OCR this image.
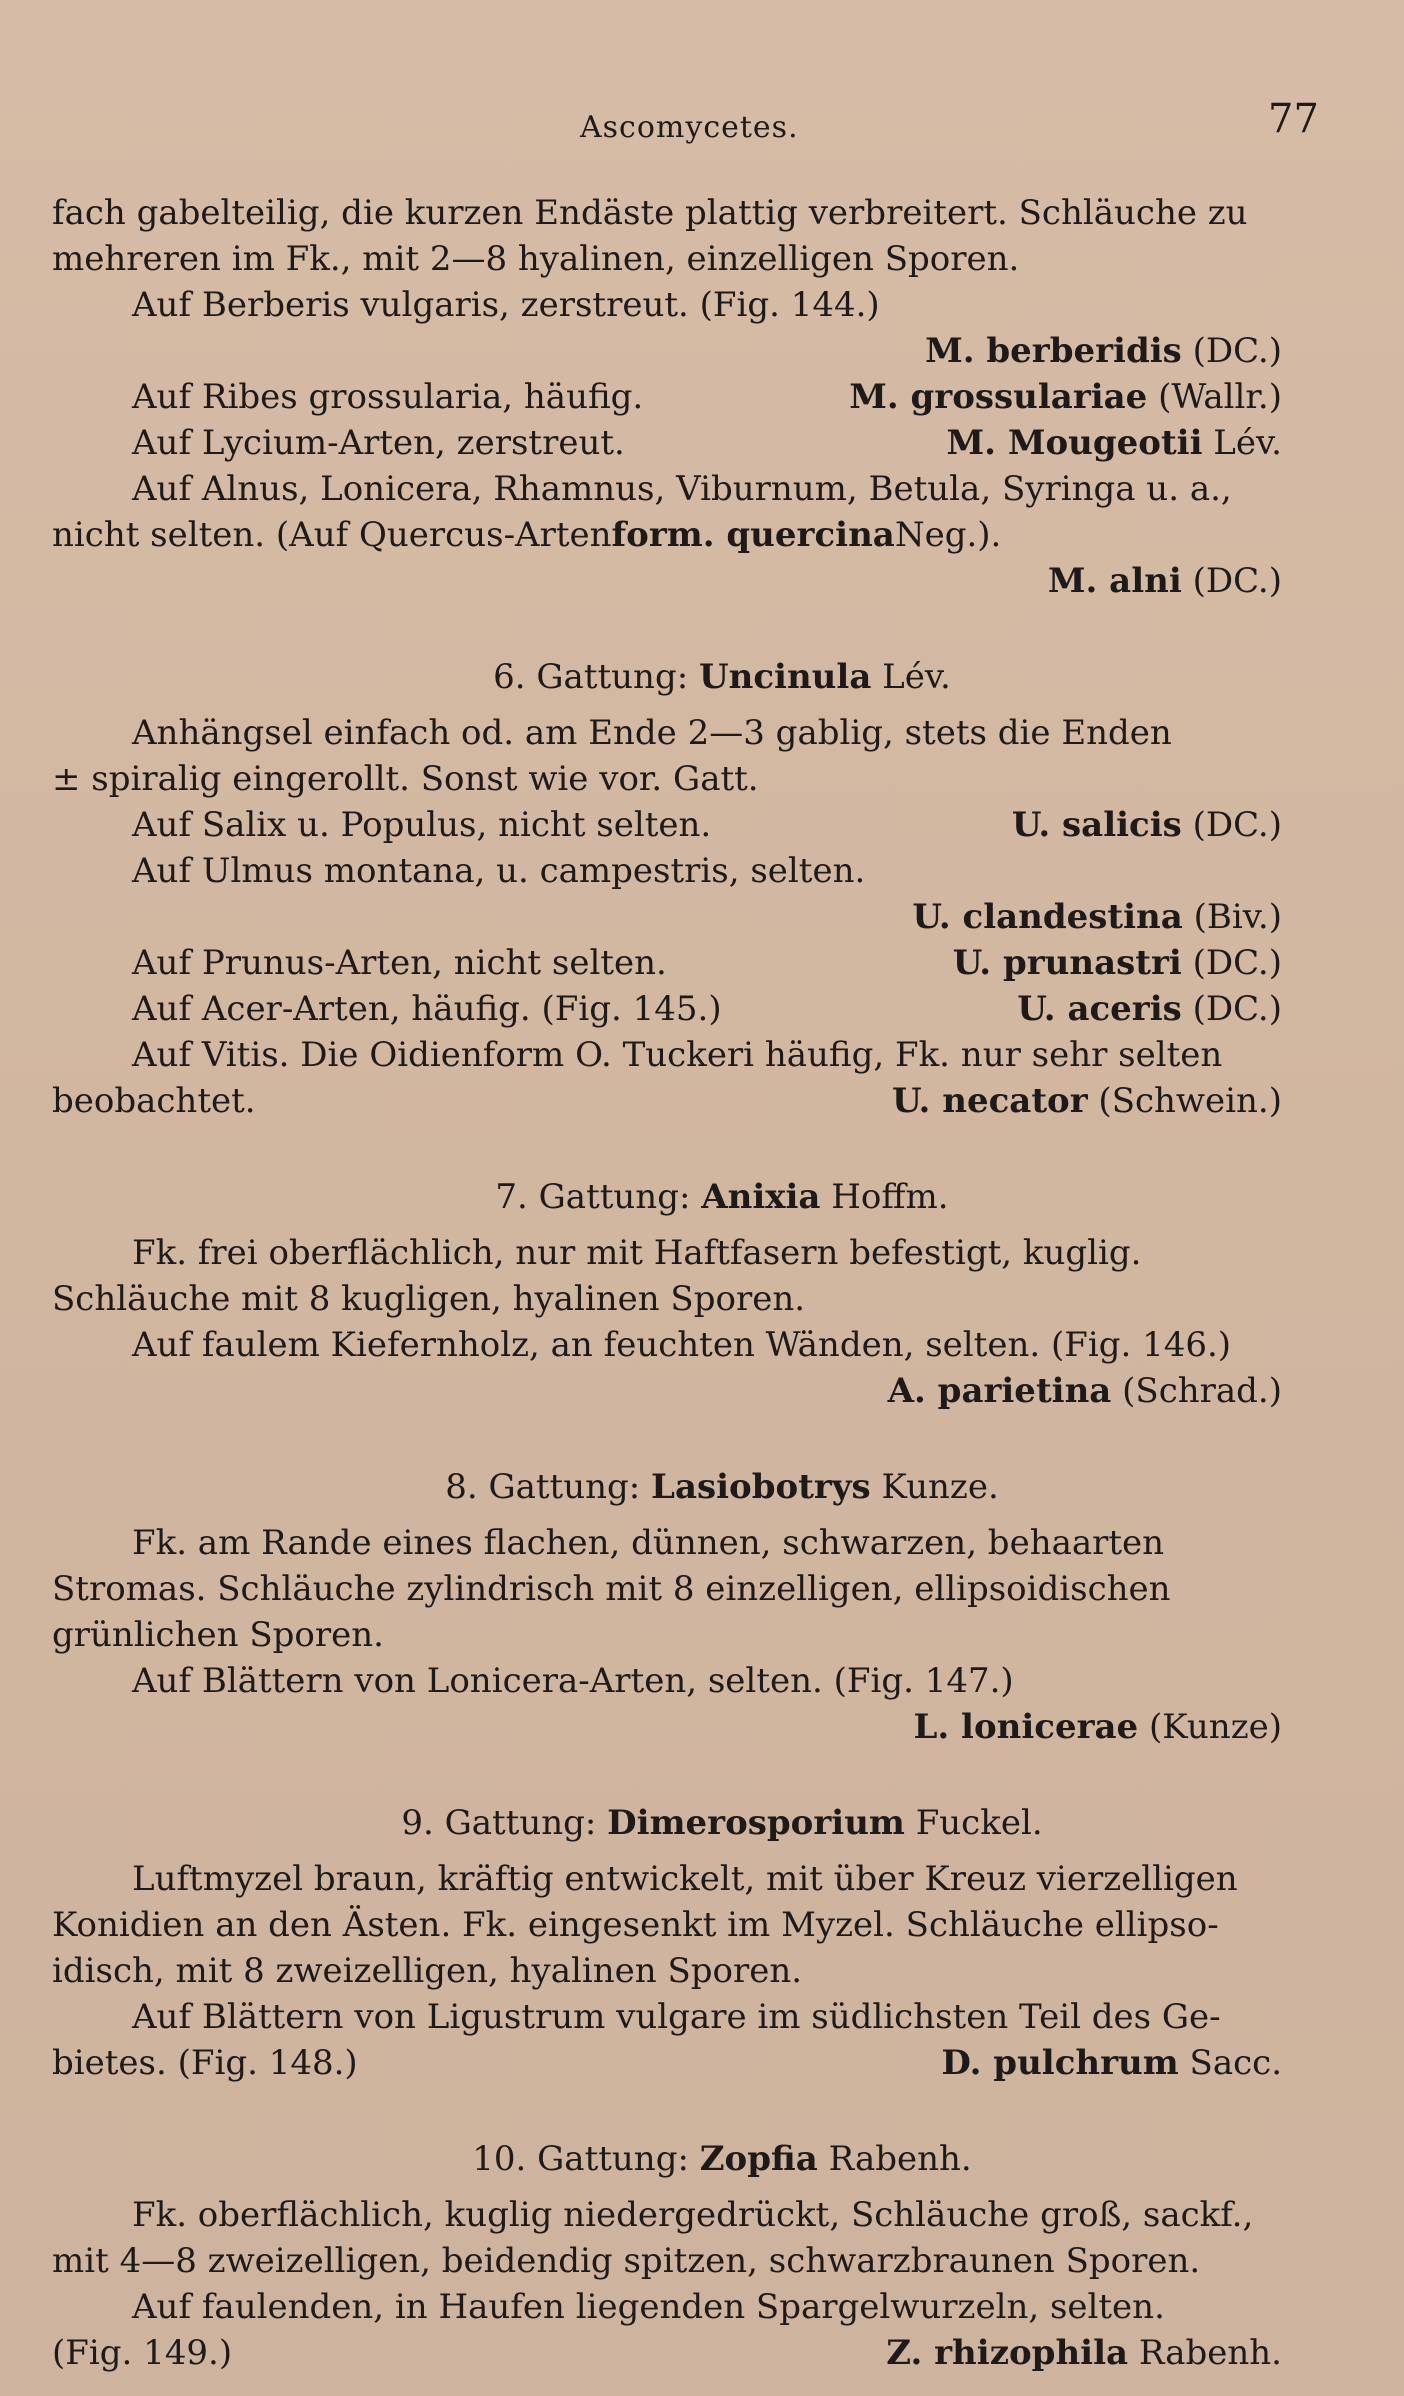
Ascomycetes.	77
fach gabelteilig, die kurzen Endäste plattig verbreitert. Schläuche zu
mehreren im Fk., mit 2—8 hyalinen, einzelligen Sporen.
Auf Berberis vulgaris, zerstreut. (Fig. 144.)
M. berberidis (DC.)
Auf Ribes grossularia, häufig.	M. grossulariae (Wallr.)
Auf Lycium-Arten, zerstreut.	M. Mougeotii Lév.
Auf Alnus, Lonicera, Rhamnus, Viburnum, Betula, Syringa u. a.,
nicht selten. (Auf Quercus-Arten form. quercina Neg.).
M. alni (DC.)
6. Gattung: Uncinula Lév.
Anhängsel einfach od. am Ende 2—3 gablig, stets die Enden
± spiralig eingerollt. Sonst wie vor. Gatt.
Auf Salix u. Populus, nicht selten.	U. salicis (DC.)
Auf Ulmus montana, u. campestris, selten.
U. clandestina (Biv.)
Auf Prunus-Arten, nicht selten.	U. prunastri (DC.)
Auf Acer-Arten, häufig. (Fig. 145.)	U. aceris (DC.)
Auf Vitis. Die Oidienform O. Tuckeri häufig, Fk. nur sehr selten
beobachtet.	U. necator (Schwein.)
7. Gattung: Anixia Hoffm.
Fk. frei oberflächlich, nur mit Haftfasern befestigt, kuglig.
Schläuche mit 8 kugligen, hyalinen Sporen.
Auf faulem Kiefernholz, an feuchten Wänden, selten. (Fig. 146.)
A. parietina (Schrad.)
8. Gattung: Lasiobotrys Kunze.
Fk. am Rande eines flachen, dünnen, schwarzen, behaarten
Stromas. Schläuche zylindrisch mit 8 einzelligen, ellipsoidischen
grünlichen Sporen.
Auf Blättern von Lonicera-Arten, selten. (Fig. 147.)
L. lonicerae (Kunze)
9. Gattung: Dimerosporium Fuckel.
Luftmyzel braun, kräftig entwickelt, mit über Kreuz vierzelligen
Konidien an den Ästen. Fk. eingesenkt im Myzel. Schläuche ellipso-
idisch, mit 8 zweizelligen, hyalinen Sporen.
Auf Blättern von Ligustrum vulgare im südlichsten Teil des Ge-
bietes. (Fig. 148.)	D. pulchrum Sacc.
10. Gattung: Zopfia Rabenh.
Fk. oberflächlich, kuglig niedergedrückt, Schläuche groß, sackf.,
mit 4—8 zweizelligen, beidendig spitzen, schwarzbraunen Sporen.
Auf faulenden, in Haufen liegenden Spargelwurzeln, selten.
(Fig. 149.)	Z. rhizophila Rabenh.
